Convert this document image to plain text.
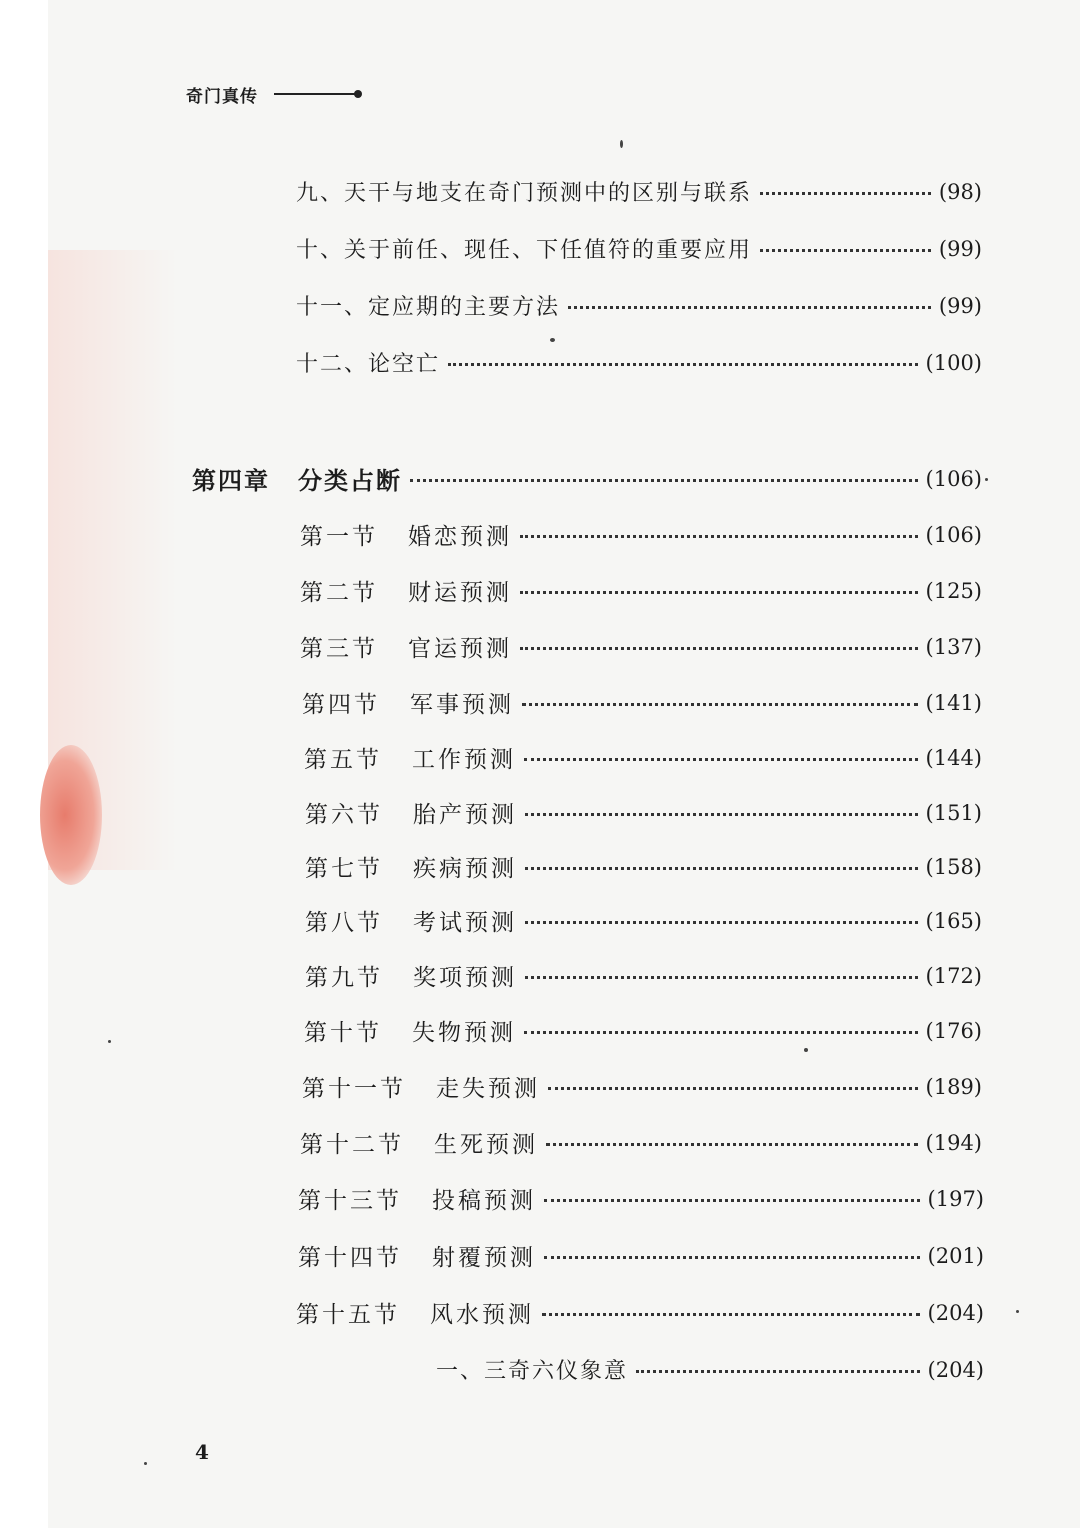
奇门真传
九、天干与地支在奇门预测中的区别与联系	(98)
十、关于前任、现任、下任值符的重要应用	(99)
十一、定应期的主要方法	(99)
十二、论空亡	(100)
第四章 分类占断	(106)
第一节 婚恋预测	(106)
第二节 财运预测	(125)
第三节 官运预测	(137)
第四节 军事预测	(141)
第五节 工作预测	(144)
第六节 胎产预测	(151)
第七节 疾病预测	(158)
第八节 考试预测	(165)
第九节 奖项预测	(172)
第十节 失物预测	(176)
第十一节 走失预测	(189)
第十二节 生死预测	(194)
第十三节 投稿预测	(197)
第十四节 射覆预测	(201)
第十五节 风水预测	(204)
一、三奇六仪象意	(204)
4
